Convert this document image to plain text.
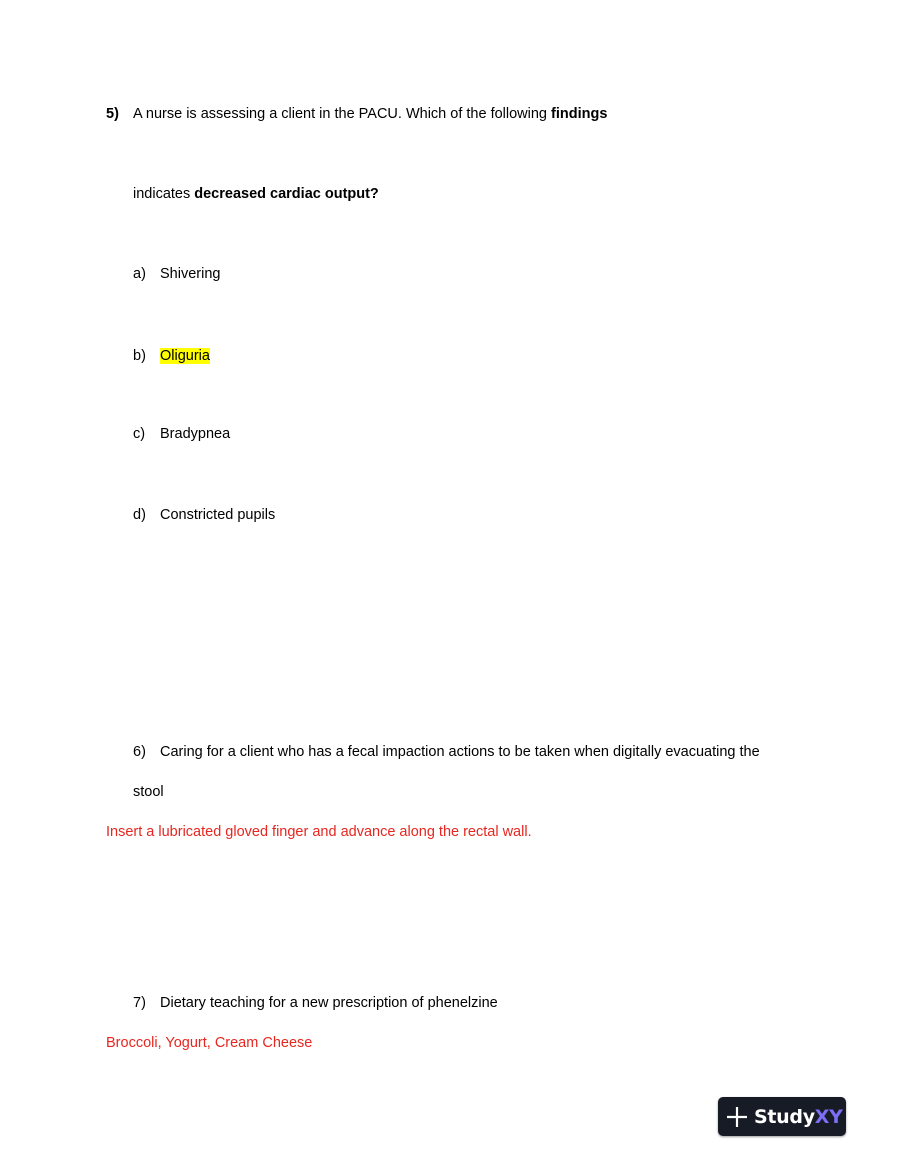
5) A nurse is assessing a client in the PACU. Which of the following findings
indicates decreased cardiac output?
a) Shivering
b) Oliguria
c) Bradypnea
d) Constricted pupils
6) Caring for a client who has a fecal impaction actions to be taken when digitally evacuating the
stool
Insert a lubricated gloved finger and advance along the rectal wall.
7) Dietary teaching for a new prescription of phenelzine
Broccoli, Yogurt, Cream Cheese
Study XY
